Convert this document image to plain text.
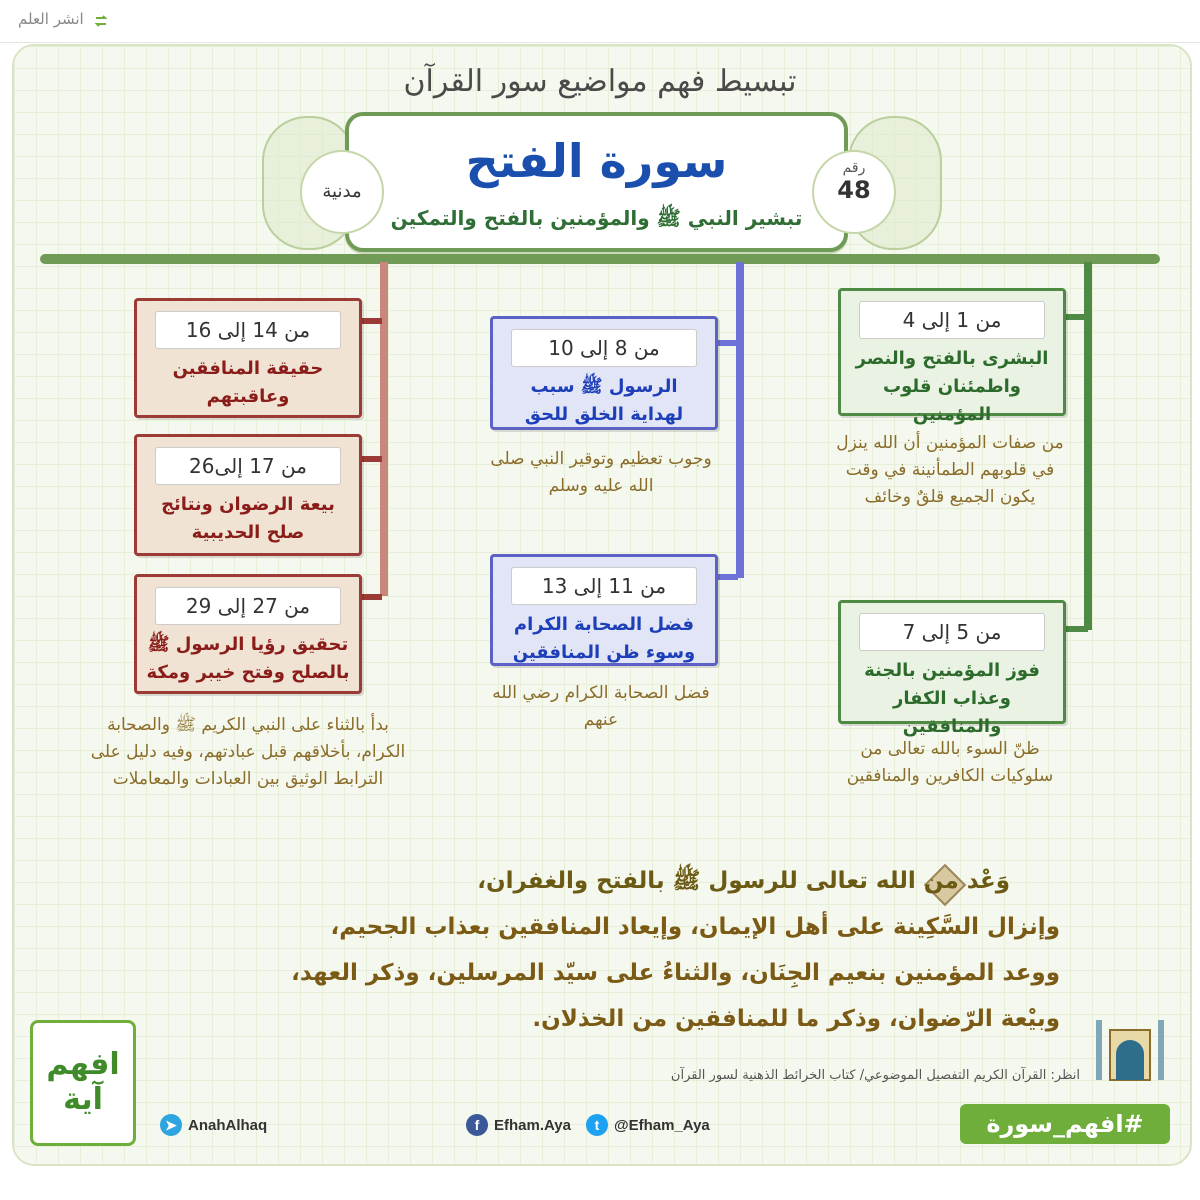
انشر العلم
تبسيط فهم مواضيع سور القرآن
سورة الفتح
تبشير النبي ﷺ والمؤمنين بالفتح والتمكين
مدنية
رقم
48
من 1 إلى 4
البشرى بالفتح والنصر واطمئنان قلوب المؤمنين
من 5 إلى 7
فوز المؤمنين بالجنة وعذاب الكفار والمنافقين
من 8 إلى 10
الرسول ﷺ سبب لهداية الخلق للحق
من 11 إلى 13
فضل الصحابة الكرام وسوء ظن المنافقين
من 14 إلى 16
حقيقة المنافقين وعاقبتهم
من 17 إلى26
بيعة الرضوان ونتائج صلح الحديبية
من 27 إلى 29
تحقيق رؤيا الرسول ﷺ بالصلح وفتح خيبر ومكة
من صفات المؤمنين أن الله ينزل في قلوبهم الطمأنينة في وقت يكون الجميع قلقٌ وخائف
ظنّ السوء بالله تعالى من سلوكيات الكافرين والمنافقين
وجوب تعظيم وتوقير النبي صلى الله عليه وسلم
فضل الصحابة الكرام رضي الله عنهم
بدأ بالثناء على النبي الكريم ﷺ والصحابة الكرام، بأخلاقهم قبل عبادتهم، وفيه دليل على الترابط الوثيق بين العبادات والمعاملات
وَعْد من الله تعالى للرسول ﷺ بالفتح والغفران،
وإنزال السَّكِينة على أهل الإيمان، وإيعاد المنافقين بعذاب الجحيم،
ووعد المؤمنين بنعيم الجِنَان، والثناءُ على سيّد المرسلين، وذكر العهد،
وبيْعة الرّضوان، وذكر ما للمنافقين من الخذلان.
انظر: القرآن الكريم التفصيل الموضوعي/ كتاب الخرائط الذهنية لسور القرآن
#افهم_سورة
t @Efham_Aya
f Efham.Aya
➤ AnahAlhaq
افهم
آية
